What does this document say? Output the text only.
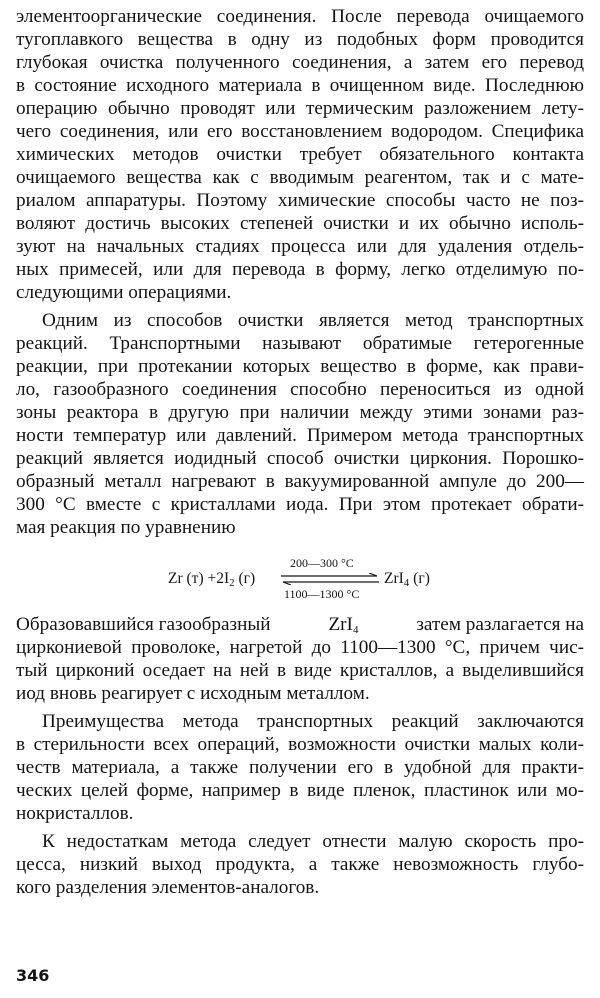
элементоорганические соединения. После перевода очищаемого
тугоплавкого вещества в одну из подобных форм проводится
глубокая очистка полученного соединения, а затем его перевод
в состояние исходного материала в очищенном виде. Последнюю
операцию обычно проводят или термическим разложением лету-
чего соединения, или его восстановлением водородом. Специфика
химических методов очистки требует обязательного контакта
очищаемого вещества как с вводимым реагентом, так и с мате-
риалом аппаратуры. Поэтому химические способы часто не поз-
воляют достичь высоких степеней очистки и их обычно исполь-
зуют на начальных стадиях процесса или для удаления отдель-
ных примесей, или для перевода в форму, легко отделимую по-
следующими операциями.
Одним из способов очистки является метод транспортных
реакций. Транспортными называют обратимые гетерогенные
реакции, при протекании которых вещество в форме, как прави-
ло, газообразного соединения способно переноситься из одной
зоны реактора в другую при наличии между этими зонами раз-
ности температур или давлений. Примером метода транспортных
реакций является иодидный способ очистки циркония. Порошко-
образный металл нагревают в вакуумированной ампуле до 200—
300 °С вместе с кристаллами иода. При этом протекает обрати-
мая реакция по уравнению
Zr $(т) +2I_2$ (г)
200—300 °С
1100—1300 °С
ZrI$_4$ (г)
Образовавшийся газообразный	ZrI$_4$	затем разлагается на
циркониевой проволоке, нагретой до 1100—1300 °С, причем чис-
тый цирконий оседает на ней в виде кристаллов, а выделившийся
иод вновь реагирует с исходным металлом.
Преимущества метода транспортных реакций заключаются
в стерильности всех операций, возможности очистки малых коли-
честв материала, а также получении его в удобной для практи-
ческих целей форме, например в виде пленок, пластинок или мо-
нокристаллов.
К недостаткам метода следует отнести малую скорость про-
цесса, низкий выход продукта, а также невозможность глубо-
кого разделения элементов-аналогов.
346
